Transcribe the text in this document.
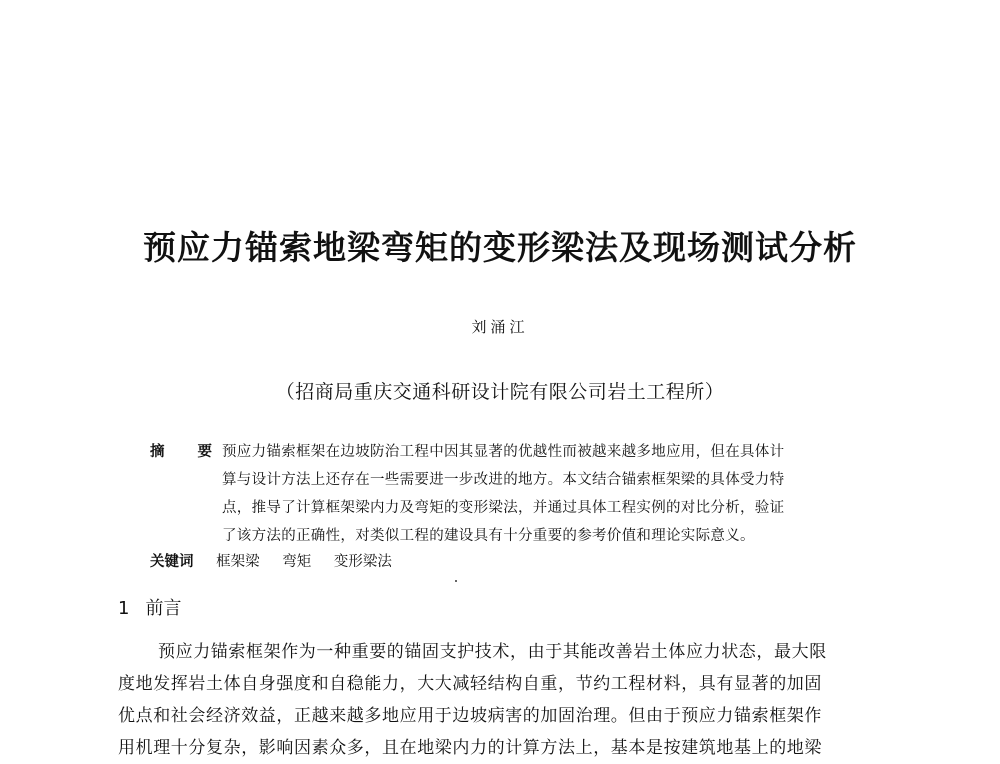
预应力锚索地梁弯矩的变形梁法及现场测试分析
刘涌江
（招商局重庆交通科研设计院有限公司岩土工程所）
摘 要
预应力锚索框架在边坡防治工程中因其显著的优越性而被越来越多地应用，但在具体计
算与设计方法上还存在一些需要进一步改进的地方。本文结合锚索框架梁的具体受力特
点，推导了计算框架梁内力及弯矩的变形梁法，并通过具体工程实例的对比分析，验证
了该方法的正确性，对类似工程的建设具有十分重要的参考价值和理论实际意义。
关键词 框架梁 弯矩 变形梁法
1 前言
预应力锚索框架作为一种重要的锚固支护技术，由于其能改善岩土体应力状态，最大限
度地发挥岩土体自身强度和自稳能力，大大减轻结构自重，节约工程材料，具有显著的加固
优点和社会经济效益，正越来越多地应用于边坡病害的加固治理。但由于预应力锚索框架作
用机理十分复杂，影响因素众多，且在地梁内力的计算方法上，基本是按建筑地基上的地梁
